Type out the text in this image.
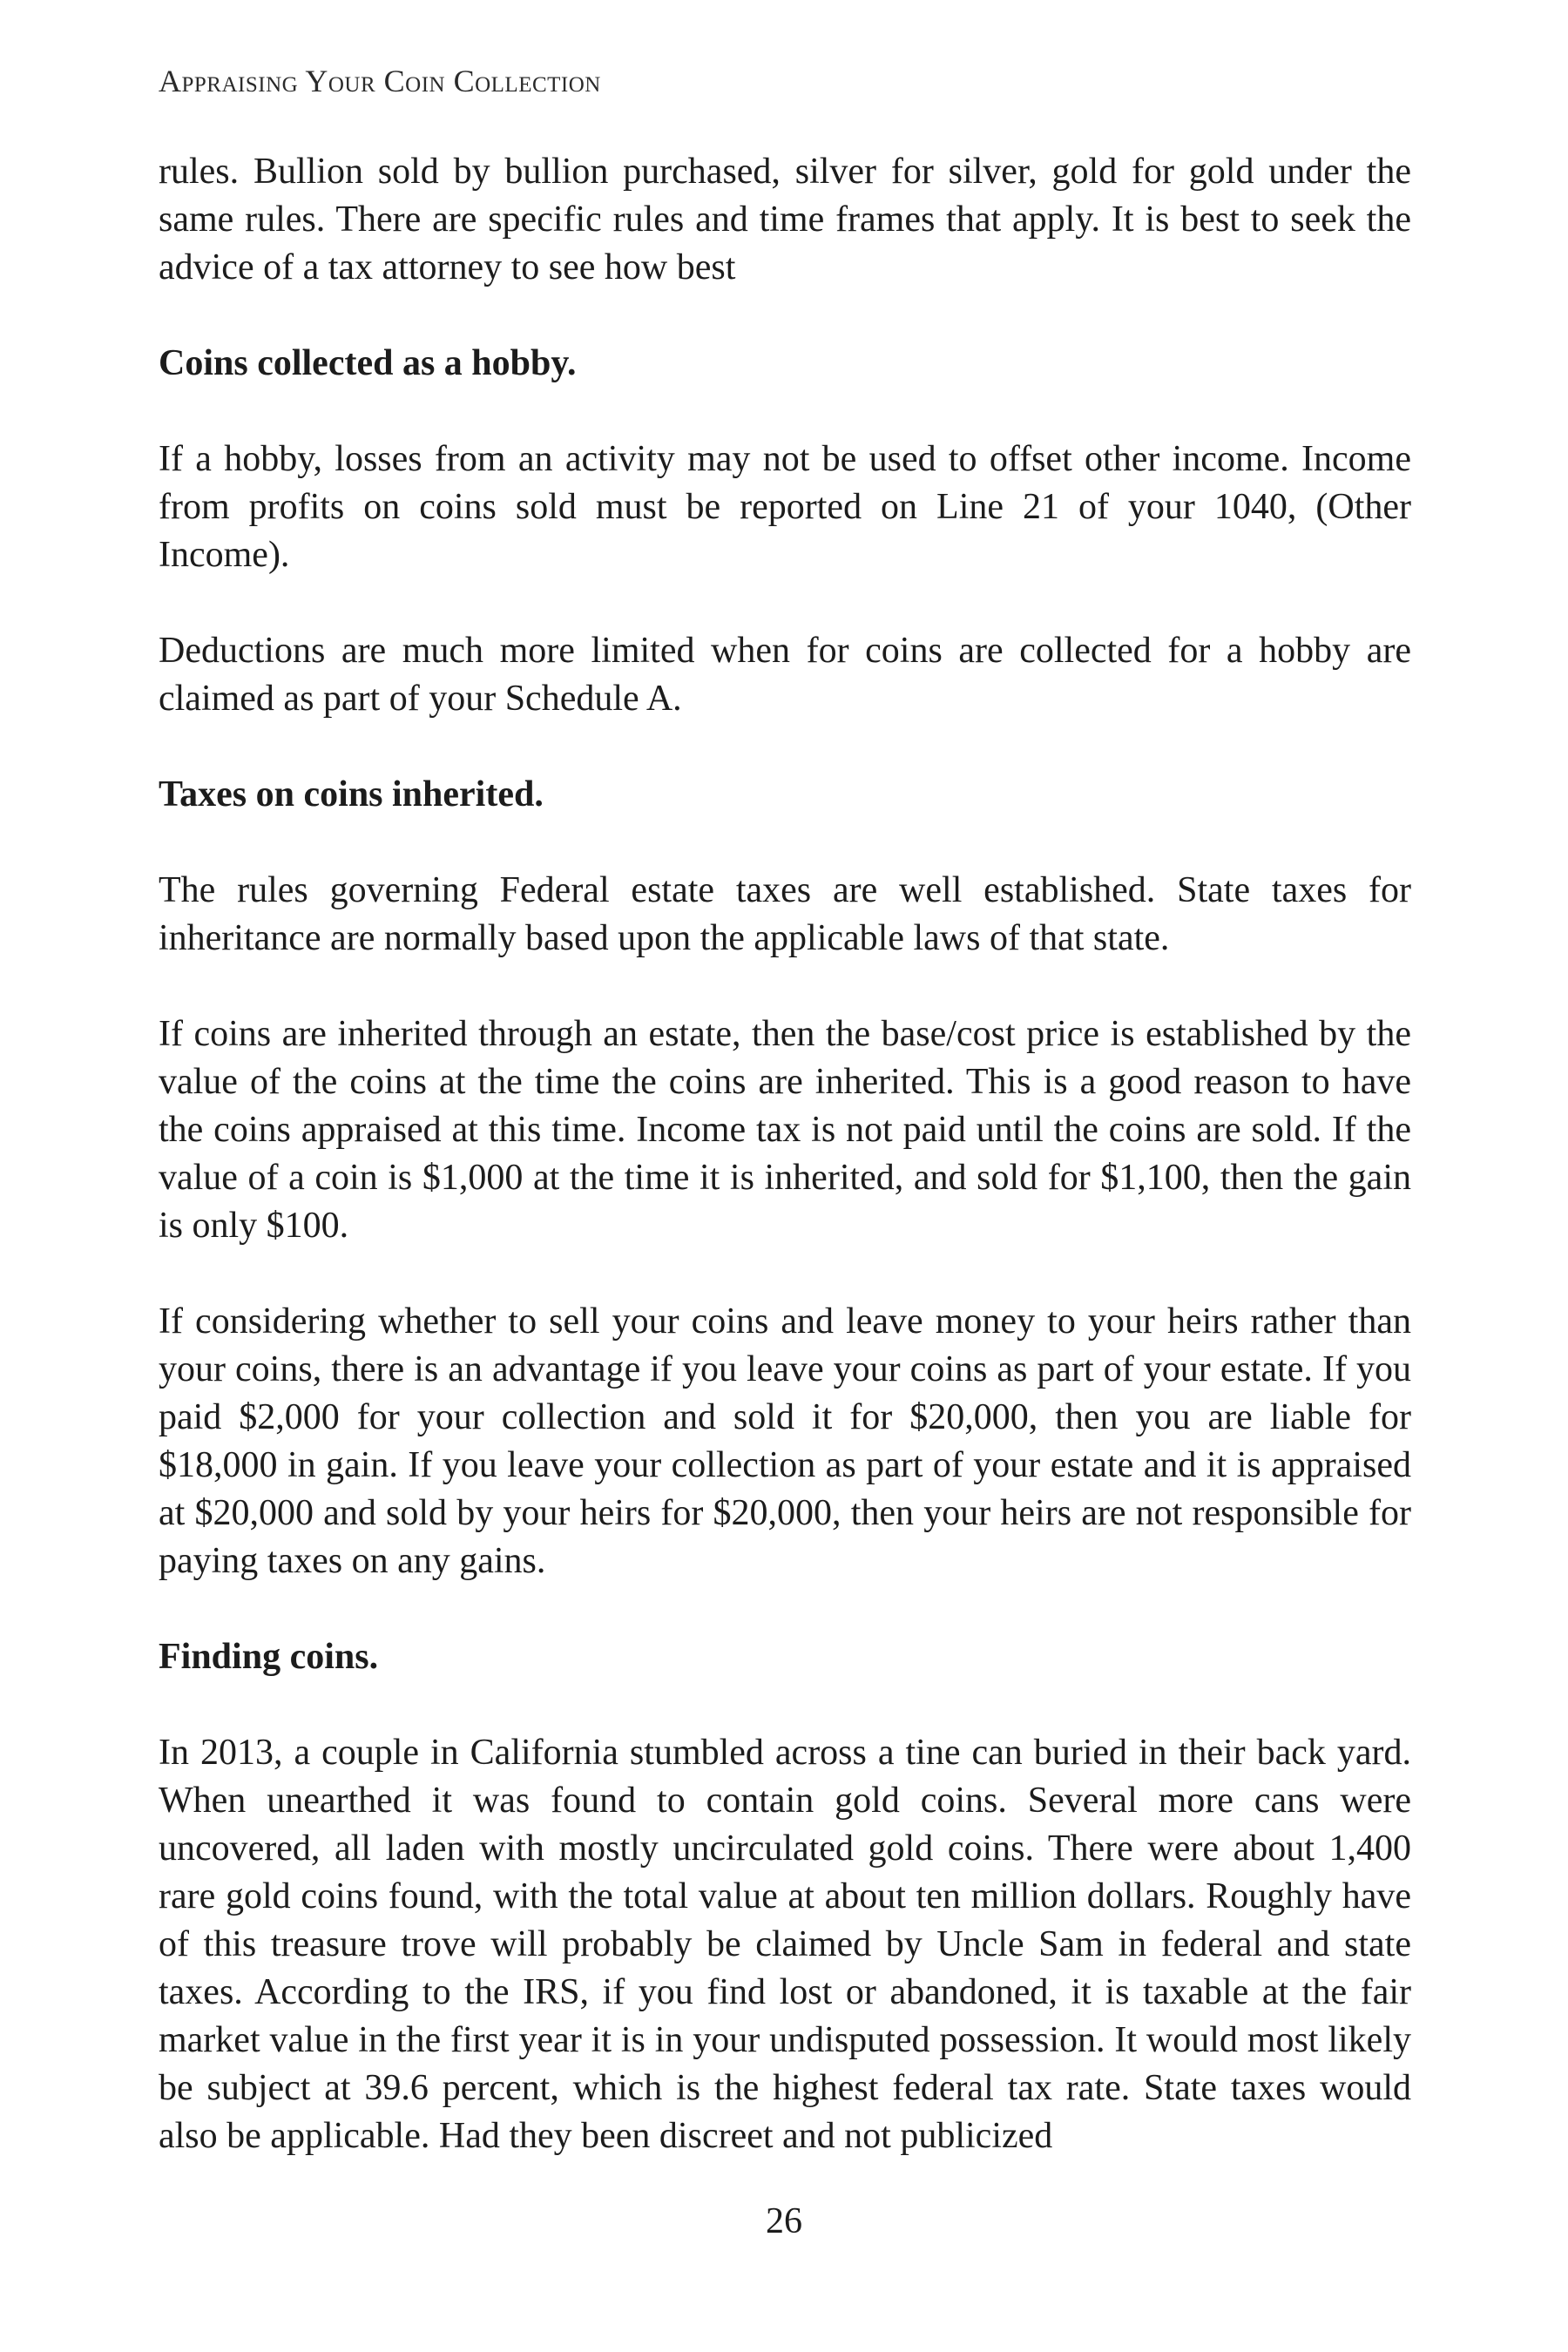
Appraising Your Coin Collection

rules. Bullion sold by bullion purchased, silver for silver, gold for gold under the same rules. There are specific rules and time frames that apply. It is best to seek the advice of a tax attorney to see how best

Coins collected as a hobby.

If a hobby, losses from an activity may not be used to offset other income. Income from profits on coins sold must be reported on Line 21 of your 1040, (Other Income).

Deductions are much more limited when for coins are collected for a hobby are claimed as part of your Schedule A.

Taxes on coins inherited.

The rules governing Federal estate taxes are well established. State taxes for inheritance are normally based upon the applicable laws of that state.

If coins are inherited through an estate, then the base/cost price is established by the value of the coins at the time the coins are inherited. This is a good reason to have the coins appraised at this time. Income tax is not paid until the coins are sold. If the value of a coin is $1,000 at the time it is inherited, and sold for $1,100, then the gain is only $100.

If considering whether to sell your coins and leave money to your heirs rather than your coins, there is an advantage if you leave your coins as part of your estate. If you paid $2,000 for your collection and sold it for $20,000, then you are liable for $18,000 in gain. If you leave your collection as part of your estate and it is appraised at $20,000 and sold by your heirs for $20,000, then your heirs are not responsible for paying taxes on any gains.

Finding coins.

In 2013, a couple in California stumbled across a tine can buried in their back yard. When unearthed it was found to contain gold coins. Several more cans were uncovered, all laden with mostly uncirculated gold coins. There were about 1,400 rare gold coins found, with the total value at about ten million dollars. Roughly have of this treasure trove will probably be claimed by Uncle Sam in federal and state taxes. According to the IRS, if you find lost or abandoned, it is taxable at the fair market value in the first year it is in your undisputed possession. It would most likely be subject at 39.6 percent, which is the highest federal tax rate. State taxes would also be applicable. Had they been discreet and not publicized

26
